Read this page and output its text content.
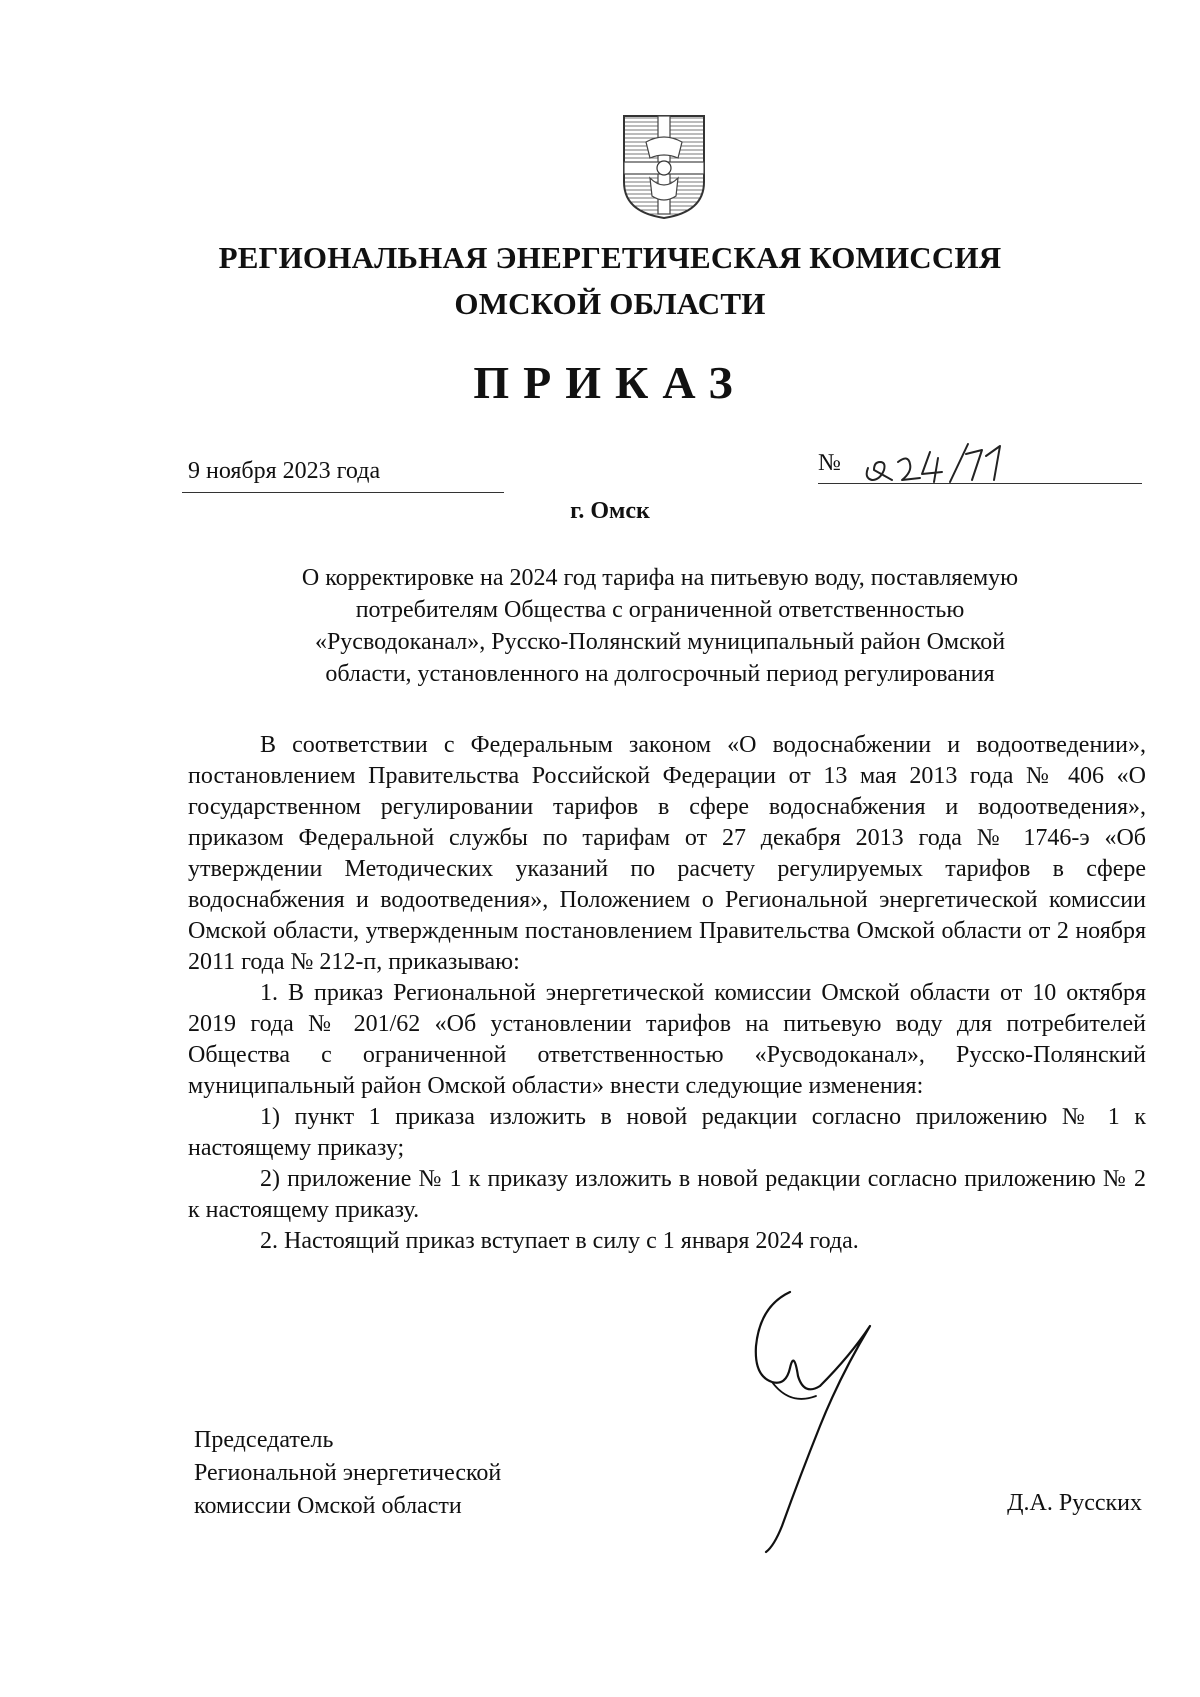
РЕГИОНАЛЬНАЯ ЭНЕРГЕТИЧЕСКАЯ КОМИССИЯ
ОМСКОЙ ОБЛАСТИ
ПРИКАЗ
9 ноября 2023 года	№
г. Омск
О корректировке на 2024 год тарифа на питьевую воду, поставляемую
потребителям Общества с ограниченной ответственностью
«Русводоканал», Русско-Полянский муниципальный район Омской
области, установленного на долгосрочный период регулирования

В соответствии с Федеральным законом «О водоснабжении и водоотведении», постановлением Правительства Российской Федерации от 13 мая 2013 года № 406 «О государственном регулировании тарифов в сфере водоснабжения и водоотведения», приказом Федеральной службы по тарифам от 27 декабря 2013 года № 1746-э «Об утверждении Методических указаний по расчету регулируемых тарифов в сфере водоснабжения и водоотведения», Положением о Региональной энергетической комиссии Омской области, утвержденным постановлением Правительства Омской области от 2 ноября 2011 года № 212-п, приказываю:

1. В приказ Региональной энергетической комиссии Омской области от 10 октября 2019 года № 201/62 «Об установлении тарифов на питьевую воду для потребителей Общества с ограниченной ответственностью «Русводоканал», Русско-Полянский муниципальный район Омской области» внести следующие изменения:

1) пункт 1 приказа изложить в новой редакции согласно приложению № 1 к настоящему приказу;

2) приложение № 1 к приказу изложить в новой редакции согласно приложению № 2 к настоящему приказу.

2. Настоящий приказ вступает в силу с 1 января 2024 года.

Председатель
Региональной энергетической
комиссии Омской области	Д.А. Русских
